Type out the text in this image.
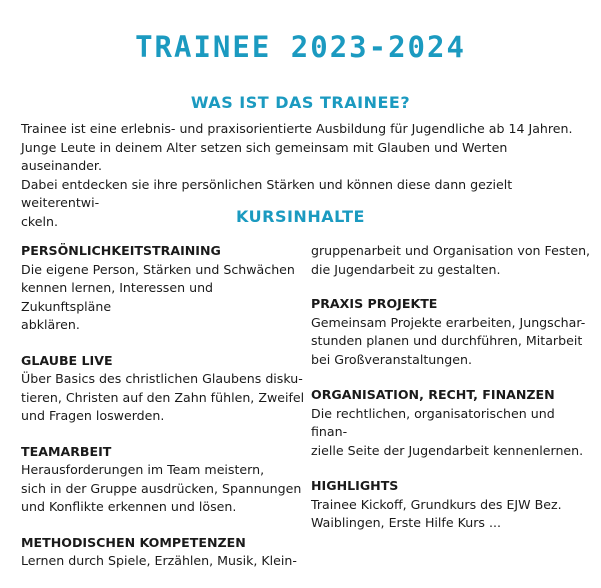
TRAINEE 2023-2024
WAS IST DAS TRAINEE?

Trainee ist eine erlebnis- und praxisorientierte Ausbildung für Jugendliche ab 14 Jahren.
Junge Leute in deinem Alter setzen sich gemeinsam mit Glauben und Werten auseinander.
Dabei entdecken sie ihre persönlichen Stärken und können diese dann gezielt weiterentwi-
ckeln.	KURSINHALTE

PERSÖNLICHKEITSTRAINING

Die eigene Person, Stärken und Schwächen
kennen lernen, Interessen und Zukunftspläne
abklären.

GLAUBE LIVE

Über Basics des christlichen Glaubens disku-
tieren, Christen auf den Zahn fühlen, Zweifel
und Fragen loswerden.

TEAMARBEIT

Herausforderungen im Team meistern,
sich in der Gruppe ausdrücken, Spannungen
und Konflikte erkennen und lösen.

METHODISCHEN KOMPETENZEN

Lernen durch Spiele, Erzählen, Musik, Klein-

gruppenarbeit und Organisation von Festen,
die Jugendarbeit zu gestalten.

PRAXIS PROJEKTE

Gemeinsam Projekte erarbeiten, Jungschar-
stunden planen und durchführen, Mitarbeit
bei Großveranstaltungen.

ORGANISATION, RECHT, FINANZEN

Die rechtlichen, organisatorischen und finan-
zielle Seite der Jugendarbeit kennenlernen.

HIGHLIGHTS

Trainee Kickoff, Grundkurs des EJW Bez.
Waiblingen, Erste Hilfe Kurs ...
